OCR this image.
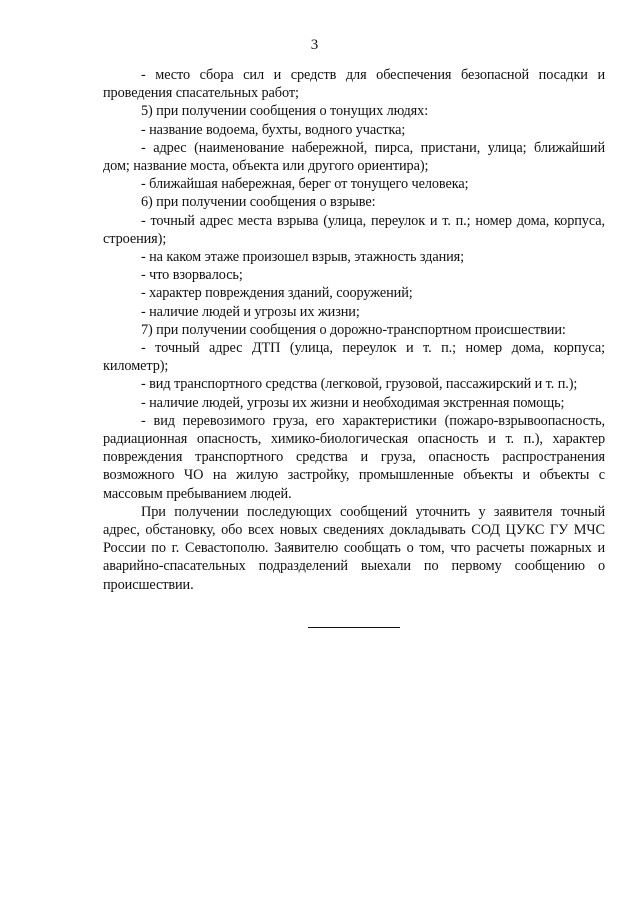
3

- место сбора сил и средств для обеспечения безопасной посадки и проведения спасательных работ;

5) при получении сообщения о тонущих людях:

- название водоема, бухты, водного участка;

- адрес (наименование набережной, пирса, пристани, улица; ближайший дом; название моста, объекта или другого ориентира);

- ближайшая набережная, берег от тонущего человека;

6) при получении сообщения о взрыве:

- точный адрес места взрыва (улица, переулок и т. п.; номер дома, корпуса, строения);

- на каком этаже произошел взрыв, этажность здания;

- что взорвалось;

- характер повреждения зданий, сооружений;

- наличие людей и угрозы их жизни;

7) при получении сообщения о дорожно-транспортном происшествии:

- точный адрес ДТП (улица, переулок и т. п.; номер дома, корпуса; километр);

- вид транспортного средства (легковой, грузовой, пассажирский и т. п.);

- наличие людей, угрозы их жизни и необходимая экстренная помощь;

- вид перевозимого груза, его характеристики (пожаро-взрывоопасность, радиационная опасность, химико-биологическая опасность и т. п.), характер повреждения транспортного средства и груза, опасность распространения возможного ЧО на жилую застройку, промышленные объекты и объекты с массовым пребыванием людей.

При получении последующих сообщений уточнить у заявителя точный адрес, обстановку, обо всех новых сведениях докладывать СОД ЦУКС ГУ МЧС России по г. Севастополю. Заявителю сообщать о том, что расчеты пожарных и аварийно-спасательных подразделений выехали по первому сообщению о происшествии.
